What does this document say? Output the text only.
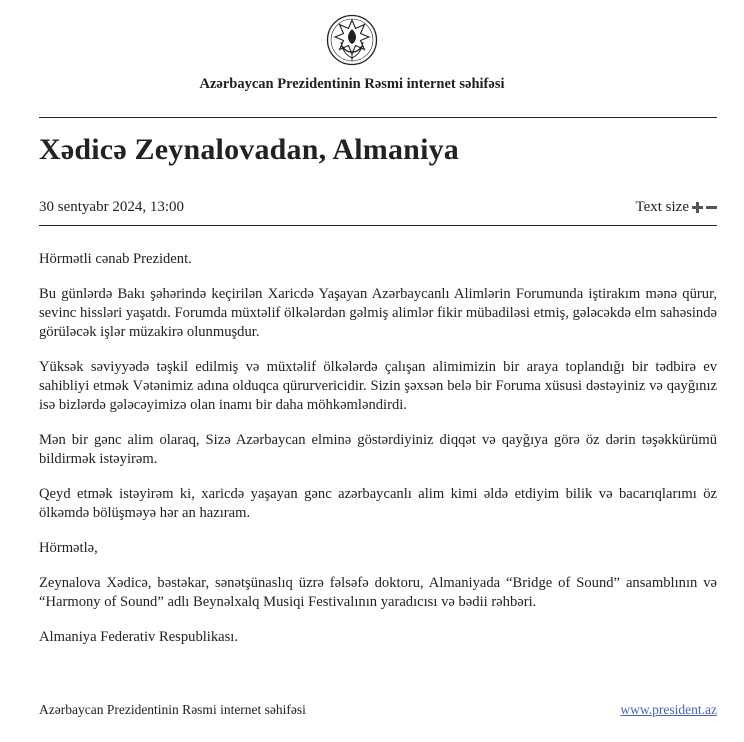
Azərbaycan Prezidentinin Rəsmi internet səhifəsi
Xədicə Zeynalovadan, Almaniya
30 sentyabr 2024, 13:00	Text size

Hörmətli cənab Prezident.

Bu günlərdə Bakı şəhərində keçirilən Xaricdə Yaşayan Azərbaycanlı Alimlərin Forumunda iştirakım mənə qürur, sevinc hissləri yaşatdı. Forumda müxtəlif ölkələrdən gəlmiş alimlər fikir mübadiləsi etmiş, gələcəkdə elm sahəsində görüləcək işlər müzakirə olunmuşdur.

Yüksək səviyyədə təşkil edilmiş və müxtəlif ölkələrdə çalışan alimimizin bir araya toplandığı bir tədbirə ev sahibliyi etmək Vətənimiz adına olduqca qürurvericidir. Sizin şəxsən belə bir Foruma xüsusi dəstəyiniz və qayğınız isə bizlərdə gələcəyimizə olan inamı bir daha möhkəmləndirdi.

Mən bir gənc alim olaraq, Sizə Azərbaycan elminə göstərdiyiniz diqqət və qayğıya görə öz dərin təşəkkürümü bildirmək istəyirəm.

Qeyd etmək istəyirəm ki, xaricdə yaşayan gənc azərbaycanlı alim kimi əldə etdiyim bilik və bacarıqlarımı öz ölkəmdə bölüşməyə hər an hazıram.

Hörmətlə,

Zeynalova Xədicə, bəstəkar, sənətşünaslıq üzrə fəlsəfə doktoru, Almaniyada “Bridge of Sound” ansamblının və “Harmony of Sound” adlı Beynəlxalq Musiqi Festivalının yaradıcısı və bədii rəhbəri.

Almaniya Federativ Respublikası.

Azərbaycan Prezidentinin Rəsmi internet səhifəsi	www.president.az
